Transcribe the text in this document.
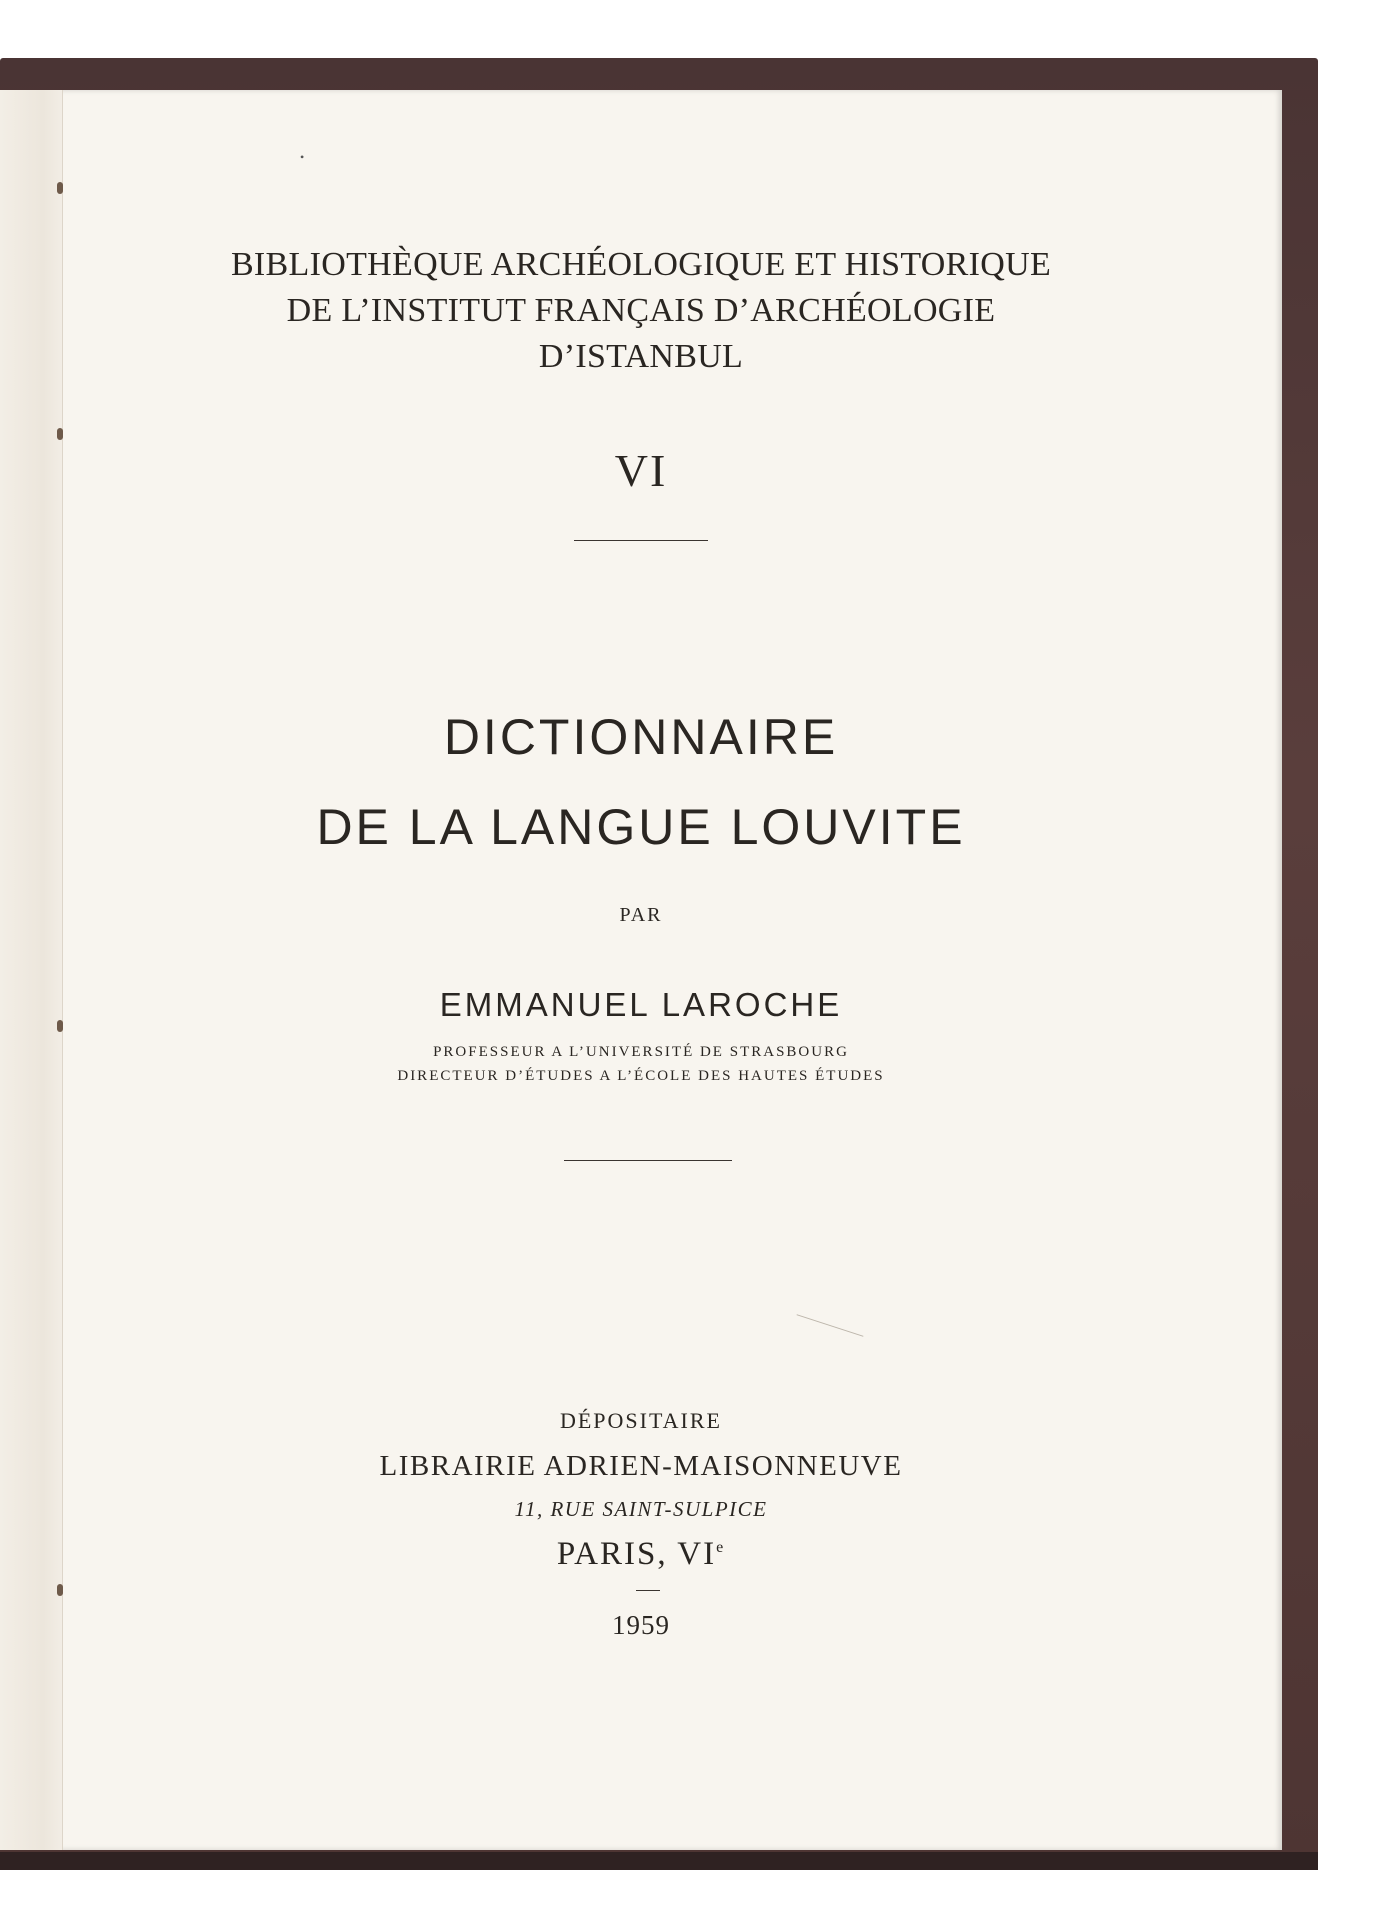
BIBLIOTHÈQUE ARCHÉOLOGIQUE ET HISTORIQUE
DE L’INSTITUT FRANÇAIS D’ARCHÉOLOGIE
D’ISTANBUL
VI
DICTIONNAIRE
DE LA LANGUE LOUVITE
PAR
EMMANUEL LAROCHE
PROFESSEUR A L’UNIVERSITÉ DE STRASBOURG
DIRECTEUR D’ÉTUDES A L’ÉCOLE DES HAUTES ÉTUDES
DÉPOSITAIRE
LIBRAIRIE ADRIEN-MAISONNEUVE
11, RUE SAINT-SULPICE
PARIS, VIe
1959
•
